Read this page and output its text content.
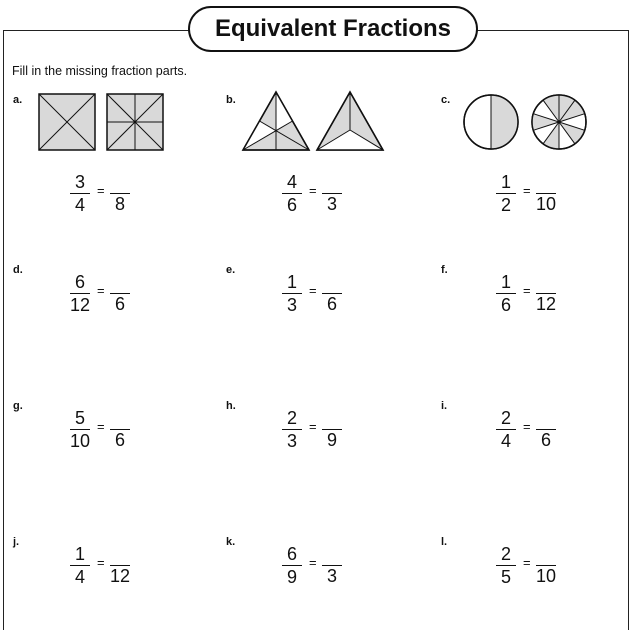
Equivalent Fractions
Fill in the missing fraction parts.
a.	b.	c.
d.	e.	f.
g.	h.	i.
j.	k.	l.
3
4
=
8
4
6
=
3
1
2
=
10
6
12
=
6
1
3
=
6
1
6
=
12
5
10
=
6
2
3
=
9
2
4
=
6
1
4
=
12
6
9
=
3
2
5
=
10
